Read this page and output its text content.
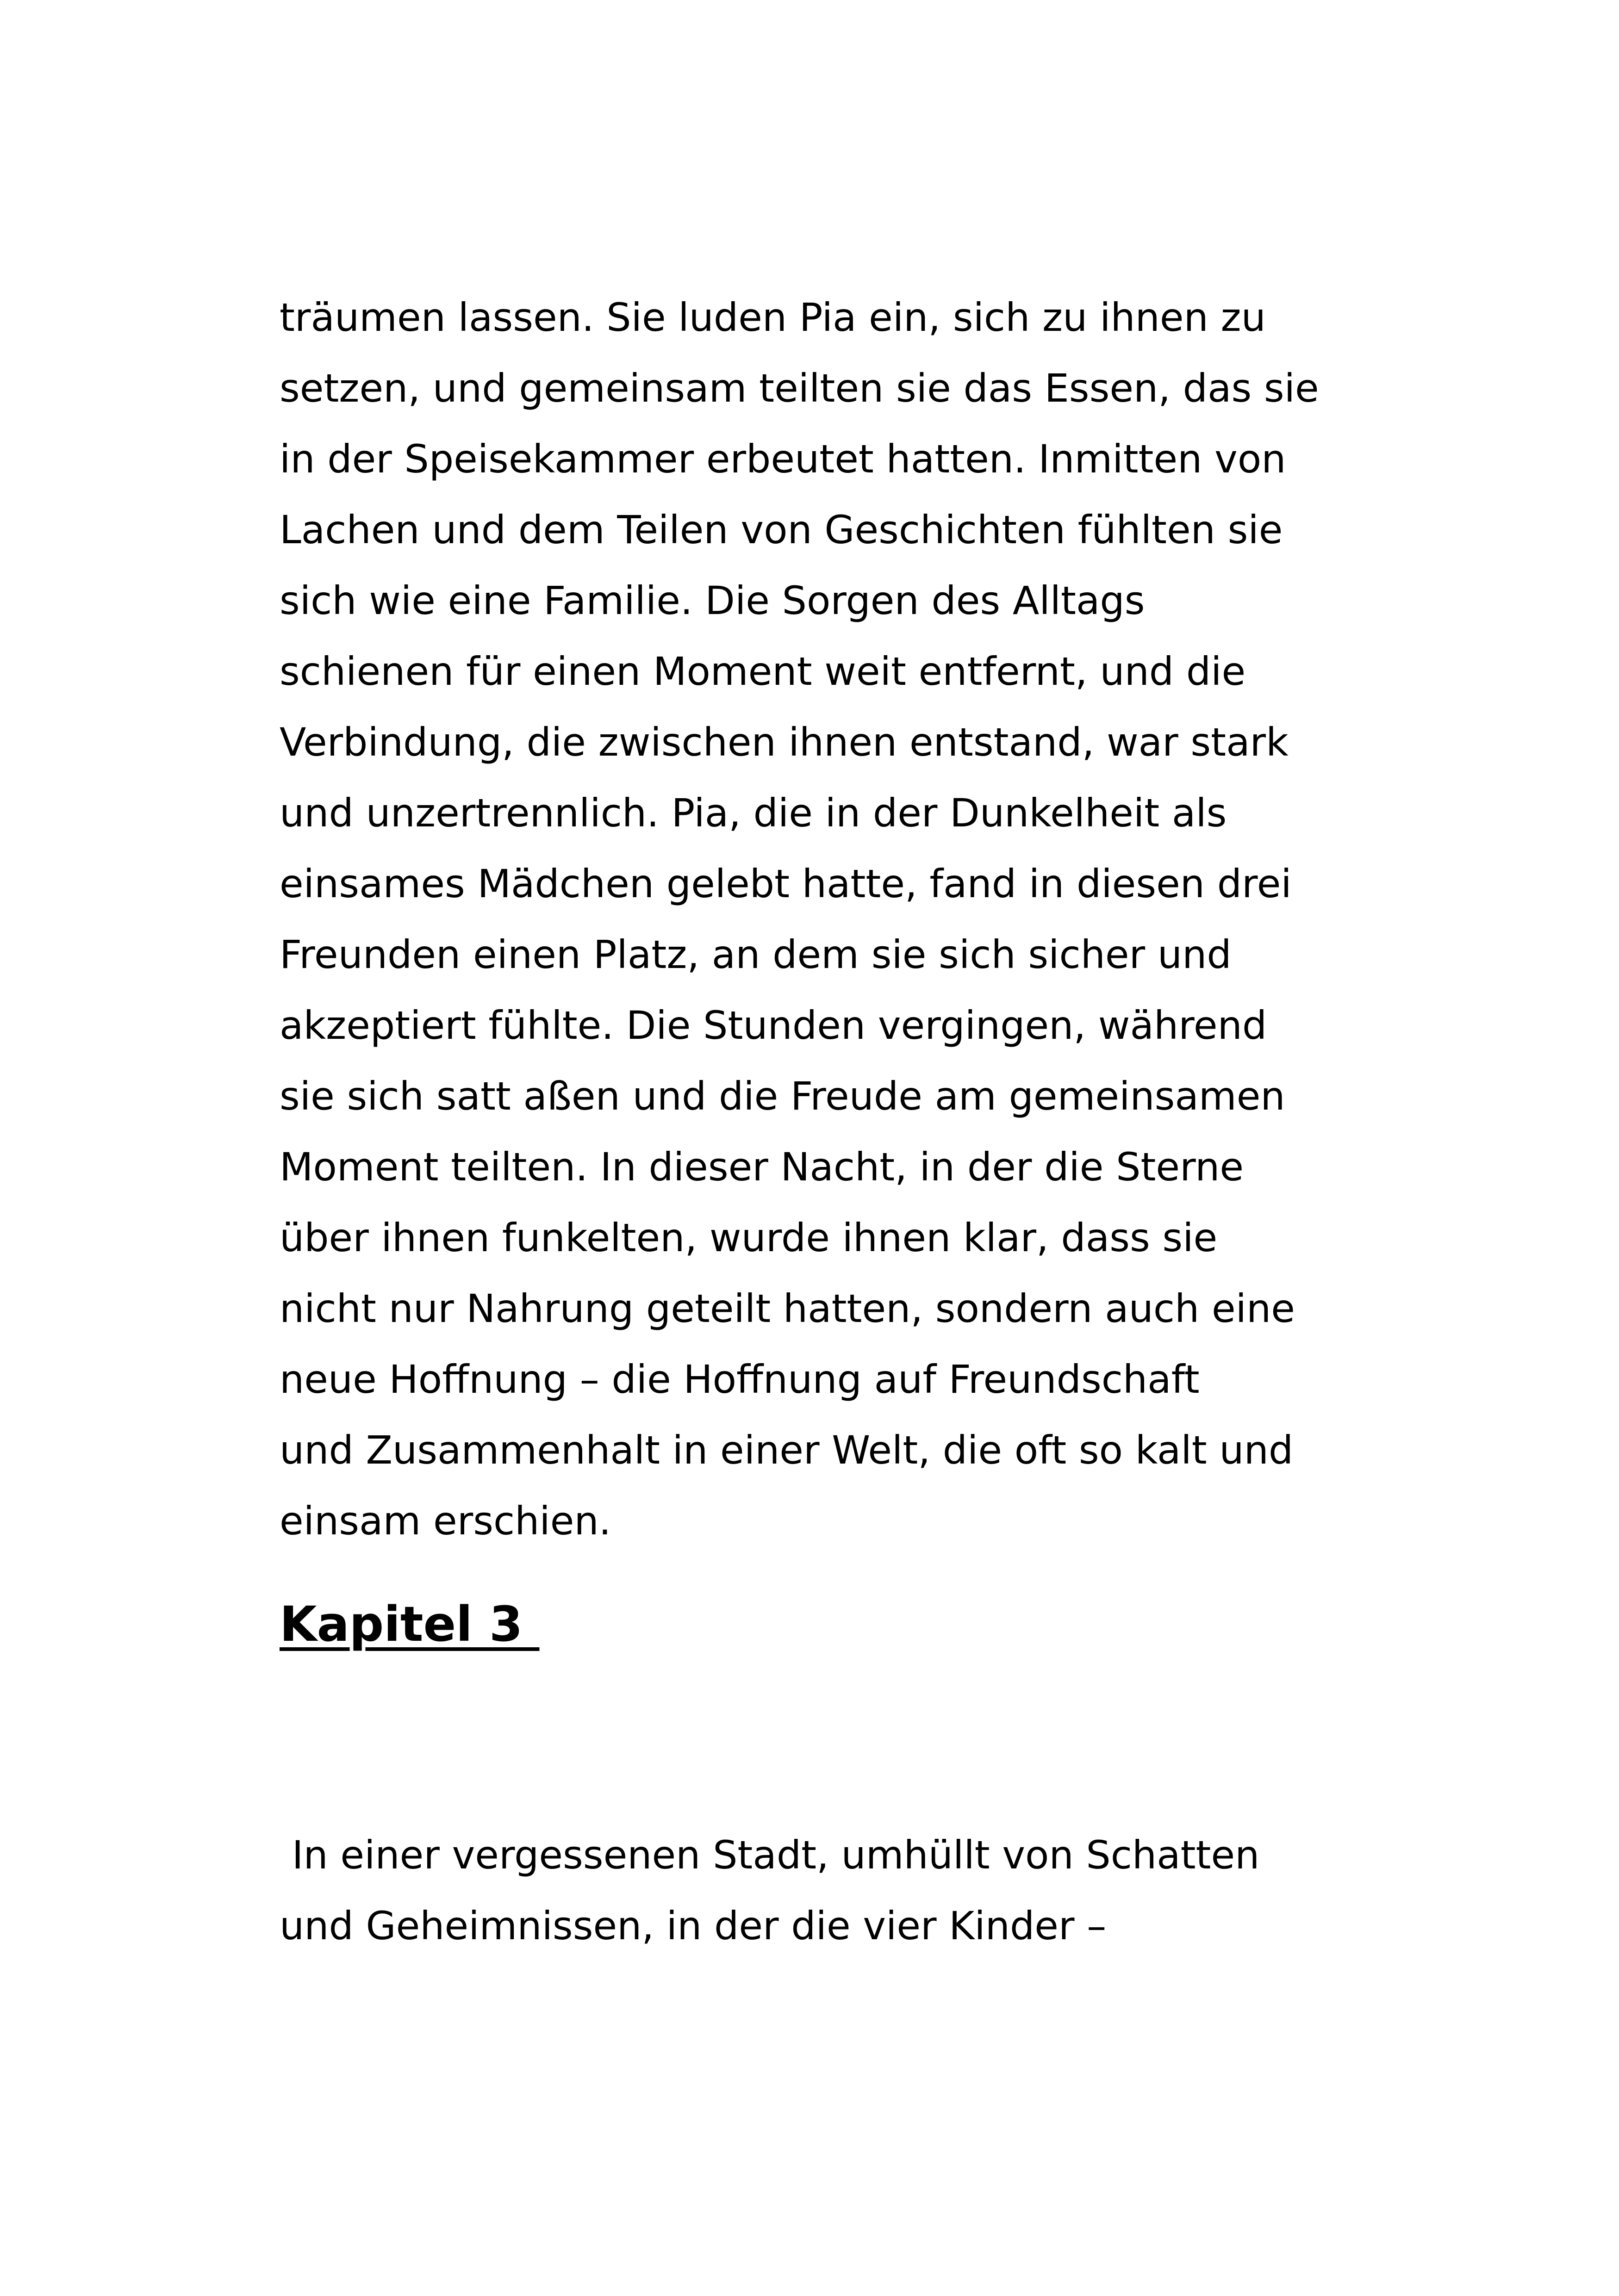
träumen lassen. Sie luden Pia ein, sich zu ihnen zu
setzen, und gemeinsam teilten sie das Essen, das sie
in der Speisekammer erbeutet hatten. Inmitten von
Lachen und dem Teilen von Geschichten fühlten sie
sich wie eine Familie. Die Sorgen des Alltags
schienen für einen Moment weit entfernt, und die
Verbindung, die zwischen ihnen entstand, war stark
und unzertrennlich. Pia, die in der Dunkelheit als
einsames Mädchen gelebt hatte, fand in diesen drei
Freunden einen Platz, an dem sie sich sicher und
akzeptiert fühlte. Die Stunden vergingen, während
sie sich satt aßen und die Freude am gemeinsamen
Moment teilten. In dieser Nacht, in der die Sterne
über ihnen funkelten, wurde ihnen klar, dass sie
nicht nur Nahrung geteilt hatten, sondern auch eine
neue Hoffnung – die Hoffnung auf Freundschaft
und Zusammenhalt in einer Welt, die oft so kalt und
einsam erschien.
Kapitel 3
In einer vergessenen Stadt, umhüllt von Schatten
und Geheimnissen, in der die vier Kinder –
